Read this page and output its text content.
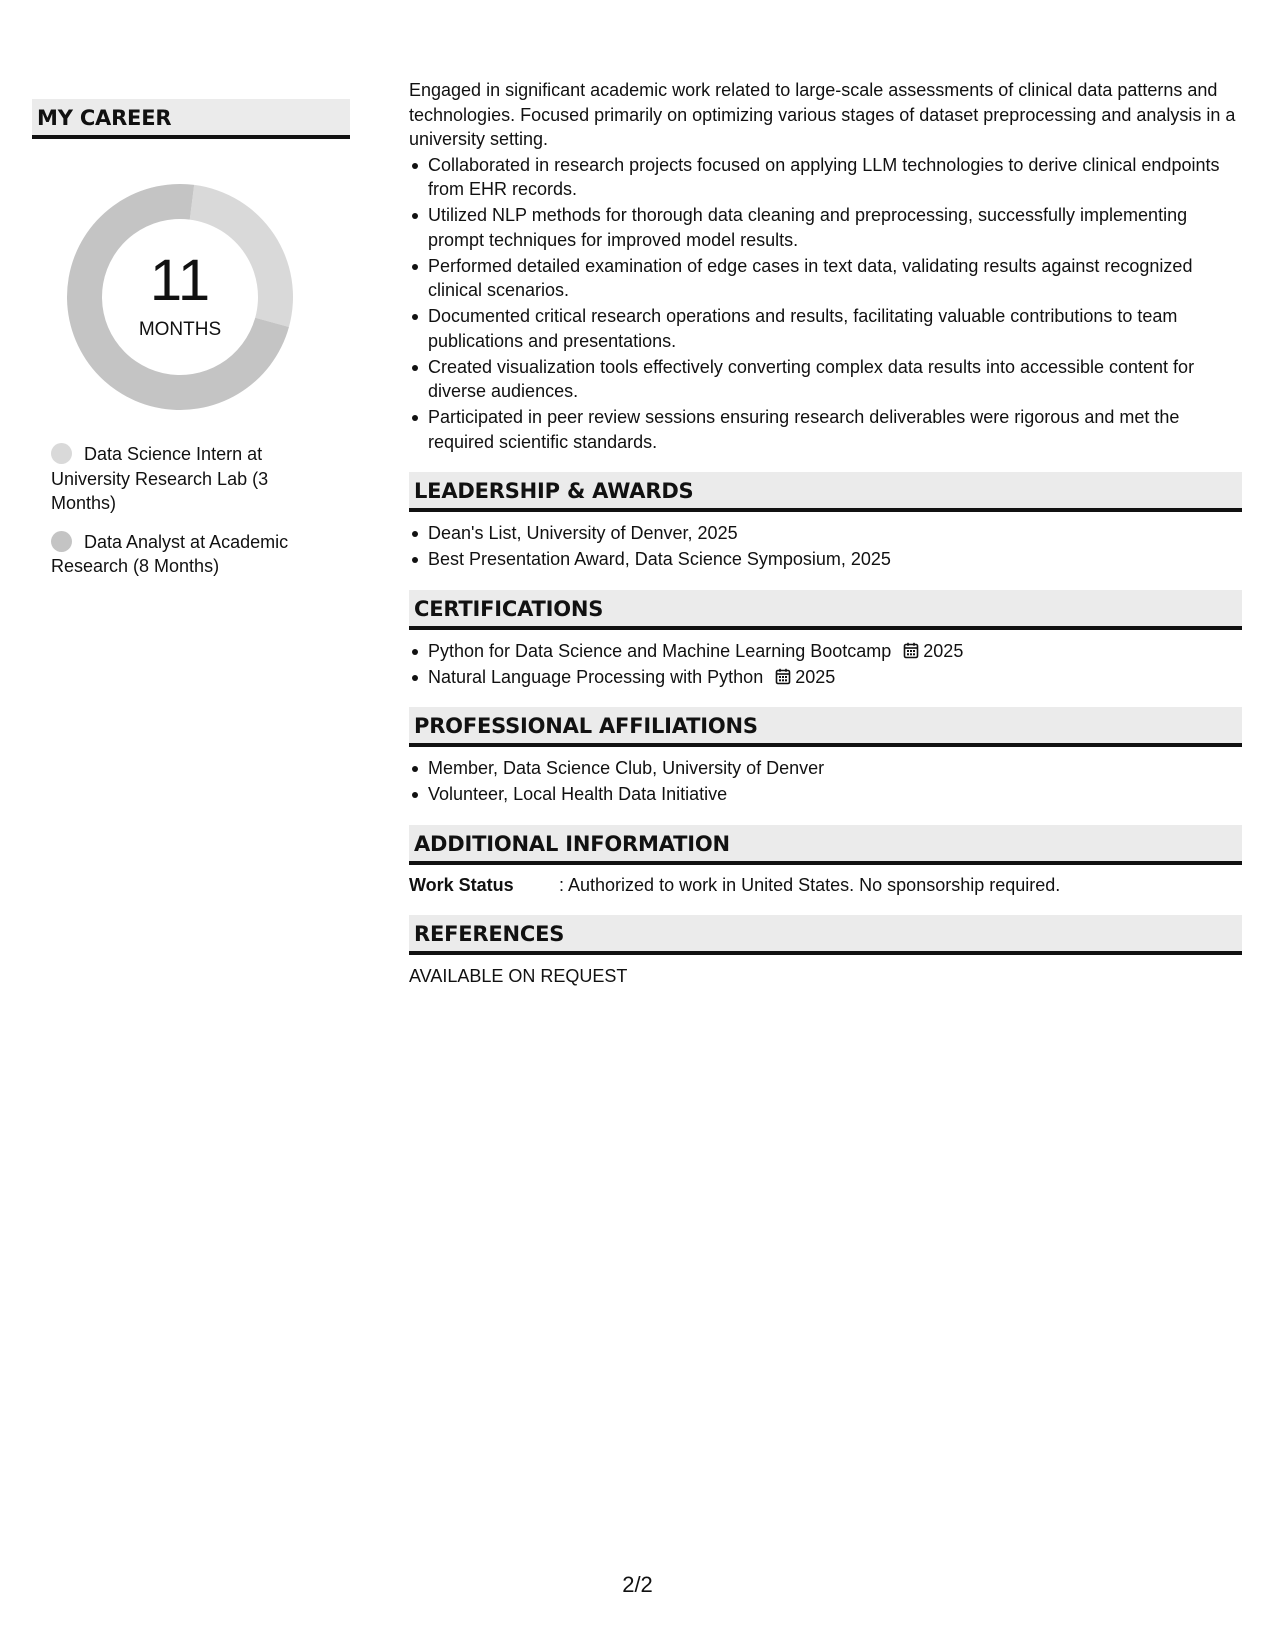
MY CAREER
11
MONTHS
Data Science Intern at University Research Lab (3 Months)
Data Analyst at Academic Research (8 Months)

Engaged in significant academic work related to large-scale assessments of clinical data patterns and technologies. Focused primarily on optimizing various stages of dataset preprocessing and analysis in a university setting.

Collaborated in research projects focused on applying LLM technologies to derive clinical endpoints from EHR records.
Utilized NLP methods for thorough data cleaning and preprocessing, successfully implementing prompt techniques for improved model results.
Performed detailed examination of edge cases in text data, validating results against recognized clinical scenarios.
Documented critical research operations and results, facilitating valuable contributions to team publications and presentations.
Created visualization tools effectively converting complex data results into accessible content for diverse audiences.
Participated in peer review sessions ensuring research deliverables were rigorous and met the required scientific standards.
LEADERSHIP & AWARDS
Dean's List, University of Denver, 2025
Best Presentation Award, Data Science Symposium, 2025
CERTIFICATIONS
Python for Data Science and Machine Learning Bootcamp 2025
Natural Language Processing with Python 2025
PROFESSIONAL AFFILIATIONS
Member, Data Science Club, University of Denver
Volunteer, Local Health Data Initiative
ADDITIONAL INFORMATION
Work Status	: Authorized to work in United States. No sponsorship required.
REFERENCES
AVAILABLE ON REQUEST
2/2
